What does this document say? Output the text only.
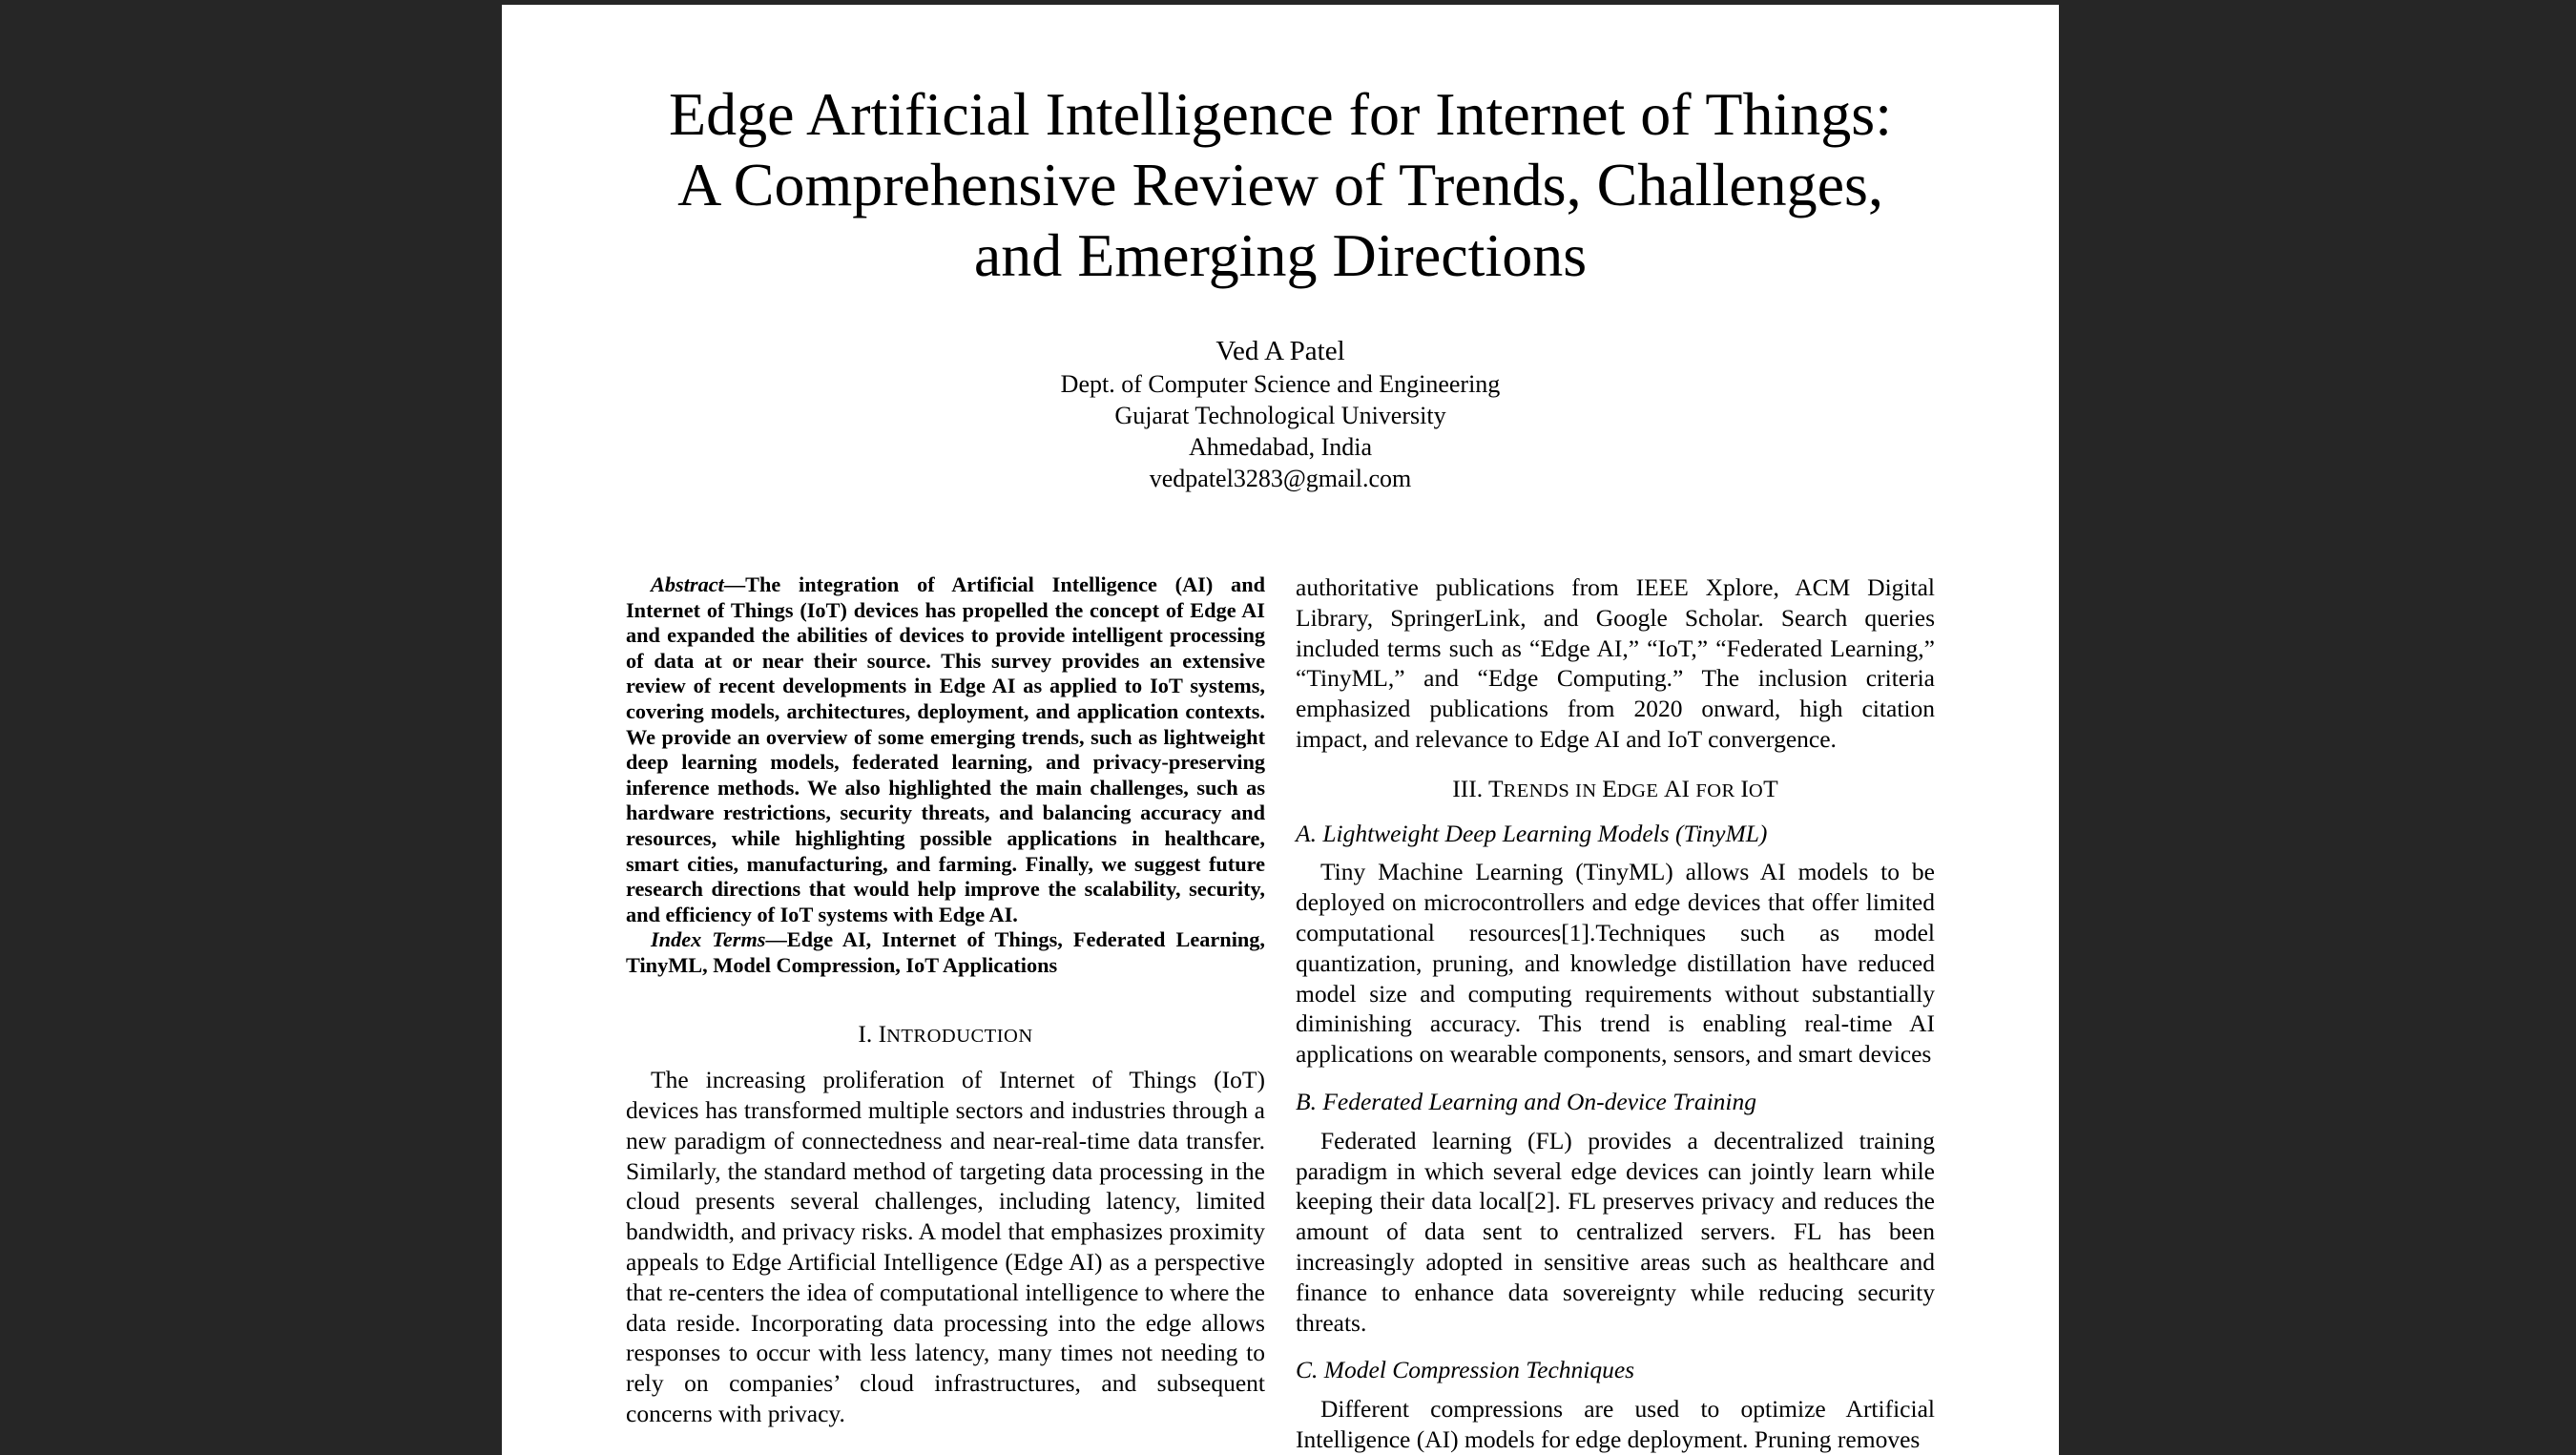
Edge Artificial Intelligence for Internet of Things:
A Comprehensive Review of Trends, Challenges,
and Emerging Directions
Ved A Patel
Dept. of Computer Science and Engineering
Gujarat Technological University
Ahmedabad, India
vedpatel3283@gmail.com

Abstract—The integration of Artificial Intelligence (AI) and Internet of Things (IoT) devices has propelled the concept of Edge AI and expanded the abilities of devices to provide intelligent processing of data at or near their source. This survey provides an extensive review of recent developments in Edge AI as applied to IoT systems, covering models, architectures, deployment, and application contexts. We provide an overview of some emerging trends, such as lightweight deep learning models, federated learning, and privacy-preserving inference methods. We also highlighted the main challenges, such as hardware restrictions, security threats, and balancing accuracy and resources, while highlighting possible applications in healthcare, smart cities, manufacturing, and farming. Finally, we suggest future research directions that would help improve the scalability, security, and efficiency of IoT systems with Edge AI.

Index Terms—Edge AI, Internet of Things, Federated Learning, TinyML, Model Compression, IoT Applications

I. INTRODUCTION

The increasing proliferation of Internet of Things (IoT) devices has transformed multiple sectors and industries through a new paradigm of connectedness and near-real-time data transfer. Similarly, the standard method of targeting data processing in the cloud presents several challenges, including latency, limited bandwidth, and privacy risks. A model that emphasizes proximity appeals to Edge Artificial Intelligence (Edge AI) as a perspective that re-centers the idea of computational intelligence to where the data reside. Incorporating data processing into the edge allows responses to occur with less latency, many times not needing to rely on companies’ cloud infrastructures, and subsequent concerns with privacy.

authoritative publications from IEEE Xplore, ACM Digital Library, SpringerLink, and Google Scholar. Search queries included terms such as “Edge AI,” “IoT,” “Federated Learning,” “TinyML,” and “Edge Computing.” The inclusion criteria emphasized publications from 2020 onward, high citation impact, and relevance to Edge AI and IoT convergence.

III. TRENDS IN EDGE AI FOR IOT
A. Lightweight Deep Learning Models (TinyML)

Tiny Machine Learning (TinyML) allows AI models to be deployed on microcontrollers and edge devices that offer limited computational resources[1].Techniques such as model quantization, pruning, and knowledge distillation have reduced model size and computing requirements without substantially diminishing accuracy. This trend is enabling real-time AI applications on wearable components, sensors, and smart devices

B. Federated Learning and On-device Training

Federated learning (FL) provides a decentralized training paradigm in which several edge devices can jointly learn while keeping their data local[2]. FL preserves privacy and reduces the amount of data sent to centralized servers. FL has been increasingly adopted in sensitive areas such as healthcare and finance to enhance data sovereignty while reducing security threats.

C. Model Compression Techniques

Different compressions are used to optimize Artificial Intelligence (AI) models for edge deployment. Pruning removes
